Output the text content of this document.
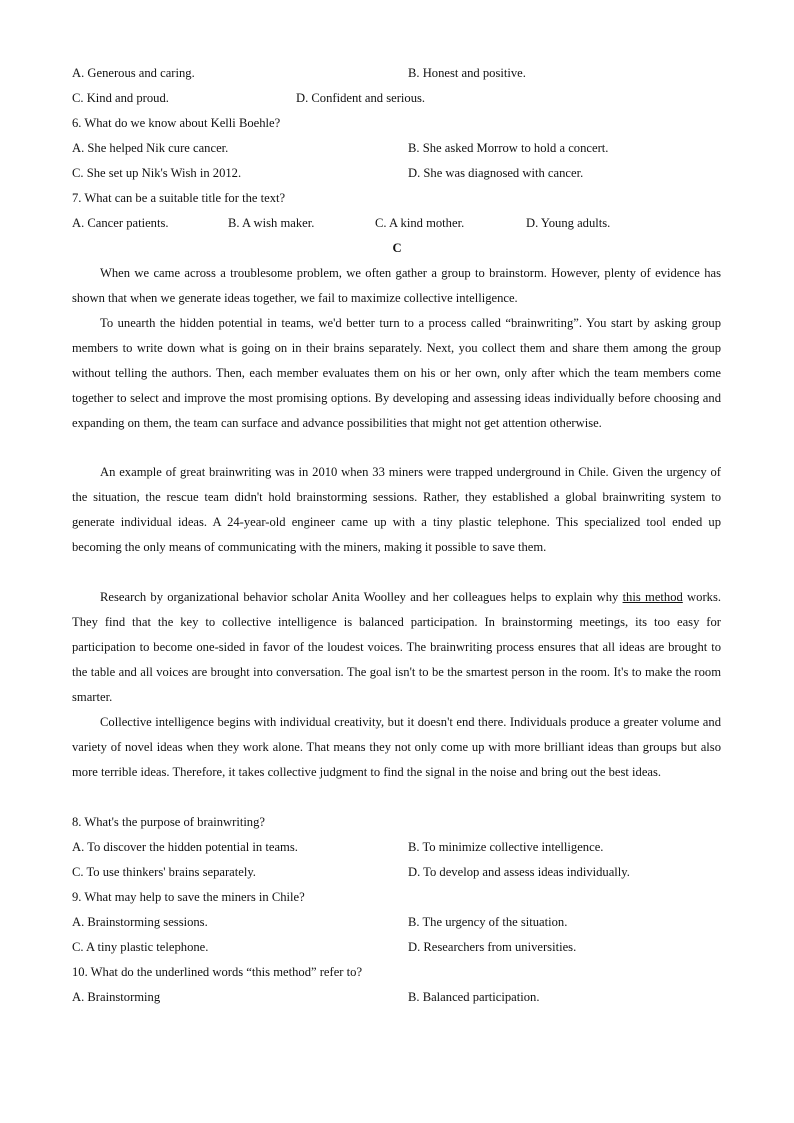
A. Generous and caring.	B. Honest and positive.
C. Kind and proud.	D. Confident and serious.
6. What do we know about Kelli Boehle?
A. She helped Nik cure cancer.	B. She asked Morrow to hold a concert.
C. She set up Nik's Wish in 2012.	D. She was diagnosed with cancer.
7. What can be a suitable title for the text?
A. Cancer patients.	B. A wish maker.	C. A kind mother.	D. Young adults.
C

When we came across a troublesome problem, we often gather a group to brainstorm. However, plenty of evidence has shown that when we generate ideas together, we fail to maximize collective intelligence.

To unearth the hidden potential in teams, we'd better turn to a process called “brainwriting”. You start by asking group members to write down what is going on in their brains separately. Next, you collect them and share them among the group without telling the authors. Then, each member evaluates them on his or her own, only after which the team members come together to select and improve the most promising options. By developing and assessing ideas individually before choosing and expanding on them, the team can surface and advance possibilities that might not get attention otherwise.

An example of great brainwriting was in 2010 when 33 miners were trapped underground in Chile. Given the urgency of the situation, the rescue team didn't hold brainstorming sessions. Rather, they established a global brainwriting system to generate individual ideas. A 24-year-old engineer came up with a tiny plastic telephone. This specialized tool ended up becoming the only means of communicating with the miners, making it possible to save them.

Research by organizational behavior scholar Anita Woolley and her colleagues helps to explain why this method works. They find that the key to collective intelligence is balanced participation. In brainstorming meetings, its too easy for participation to become one-sided in favor of the loudest voices. The brainwriting process ensures that all ideas are brought to the table and all voices are brought into conversation. The goal isn't to be the smartest person in the room. It's to make the room smarter.

Collective intelligence begins with individual creativity, but it doesn't end there. Individuals produce a greater volume and variety of novel ideas when they work alone. That means they not only come up with more brilliant ideas than groups but also more terrible ideas. Therefore, it takes collective judgment to find the signal in the noise and bring out the best ideas.

8. What's the purpose of brainwriting?
A. To discover the hidden potential in teams.	B. To minimize collective intelligence.
C. To use thinkers' brains separately.	D. To develop and assess ideas individually.
9. What may help to save the miners in Chile?
A. Brainstorming sessions.	B. The urgency of the situation.
C. A tiny plastic telephone.	D. Researchers from universities.
10. What do the underlined words “this method” refer to?
A. Brainstorming	B. Balanced participation.
